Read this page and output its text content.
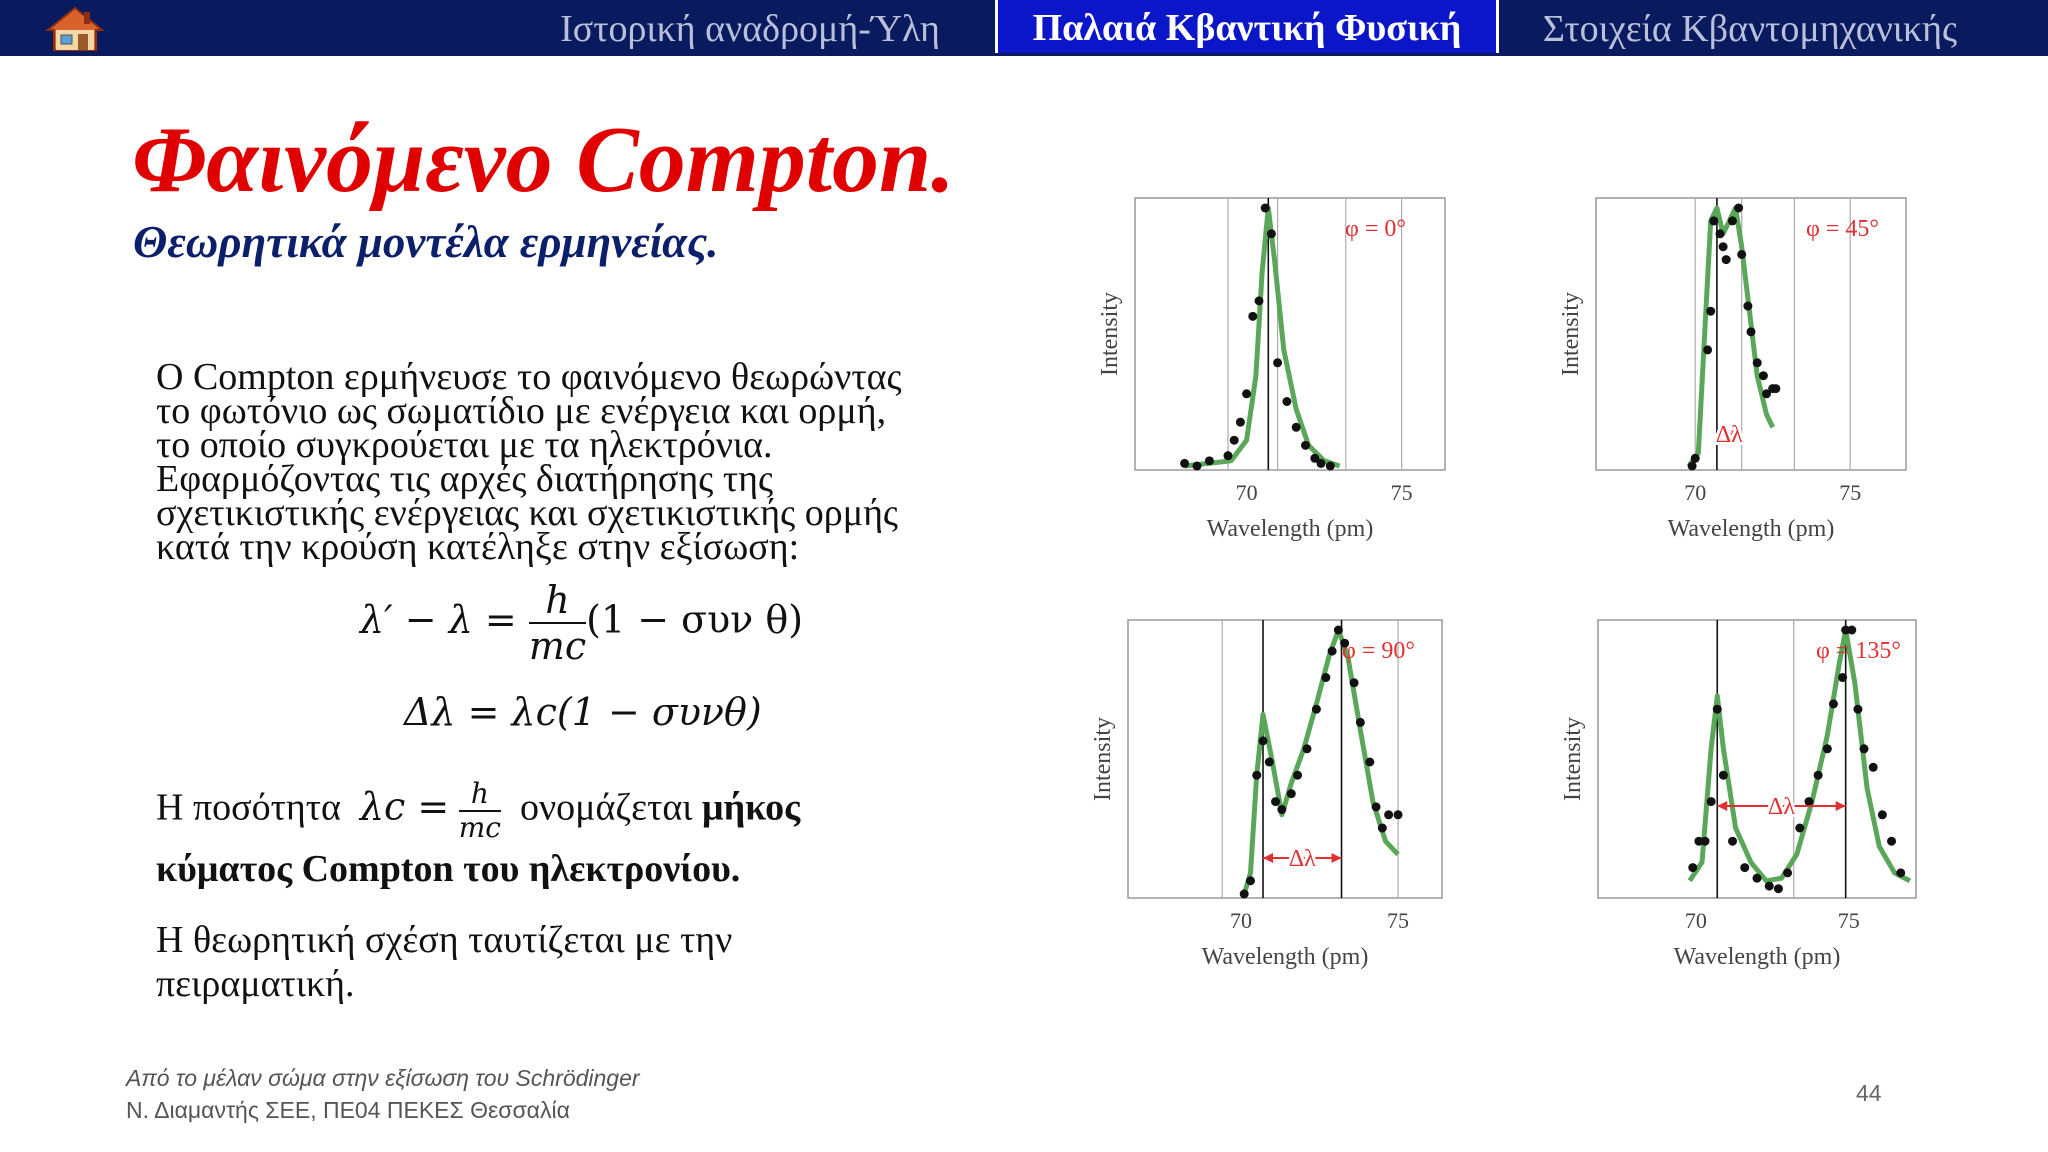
Ιστορική αναδρομή-Ύλη	Παλαιά Κβαντική Φυσική	Στοιχεία Κβαντομηχανικής
Φαινόμενο Compton.
Θεωρητικά μοντέλα ερμηνείας.
Ο Compton ερμήνευσε το φαινόμενο θεωρώντας
το φωτόνιο ως σωματίδιο με ενέργεια και ορμή,
το οποίο συγκρούεται με τα ηλεκτρόνια.
Εφαρμόζοντας τις αρχές διατήρησης της
σχετικιστικής ενέργειας και σχετικιστικής ορμής
κατά την κρούση κατέληξε στην εξίσωση:
$\lambda' - \lambda = \frac{h}{mc} (1 - \sigma\upsilon\nu$ θ)
Δλ = λc(1 − συνθ)
Η ποσότητα $\lambda c = \frac{h}{mc}$ ονομάζεται μήκος
κύματος Compton του ηλεκτρονίου.
Η θεωρητική σχέση ταυτίζεται με την πειραματική.
φ = 0°
70	75
Wavelength (pm)
Intensity
φ = 45°
70	75
Wavelength (pm)
Intensity
Δλ
φ = 90°
70	75
Wavelength (pm)
Intensity
Δλ
φ = 135°
70	75
Wavelength (pm)
Intensity
Δλ
Από το μέλαν σώμα στην εξίσωση του Schrödinger
Ν. Διαμαντής ΣΕΕ, ΠΕ04 ΠΕΚΕΣ Θεσσαλία
44
